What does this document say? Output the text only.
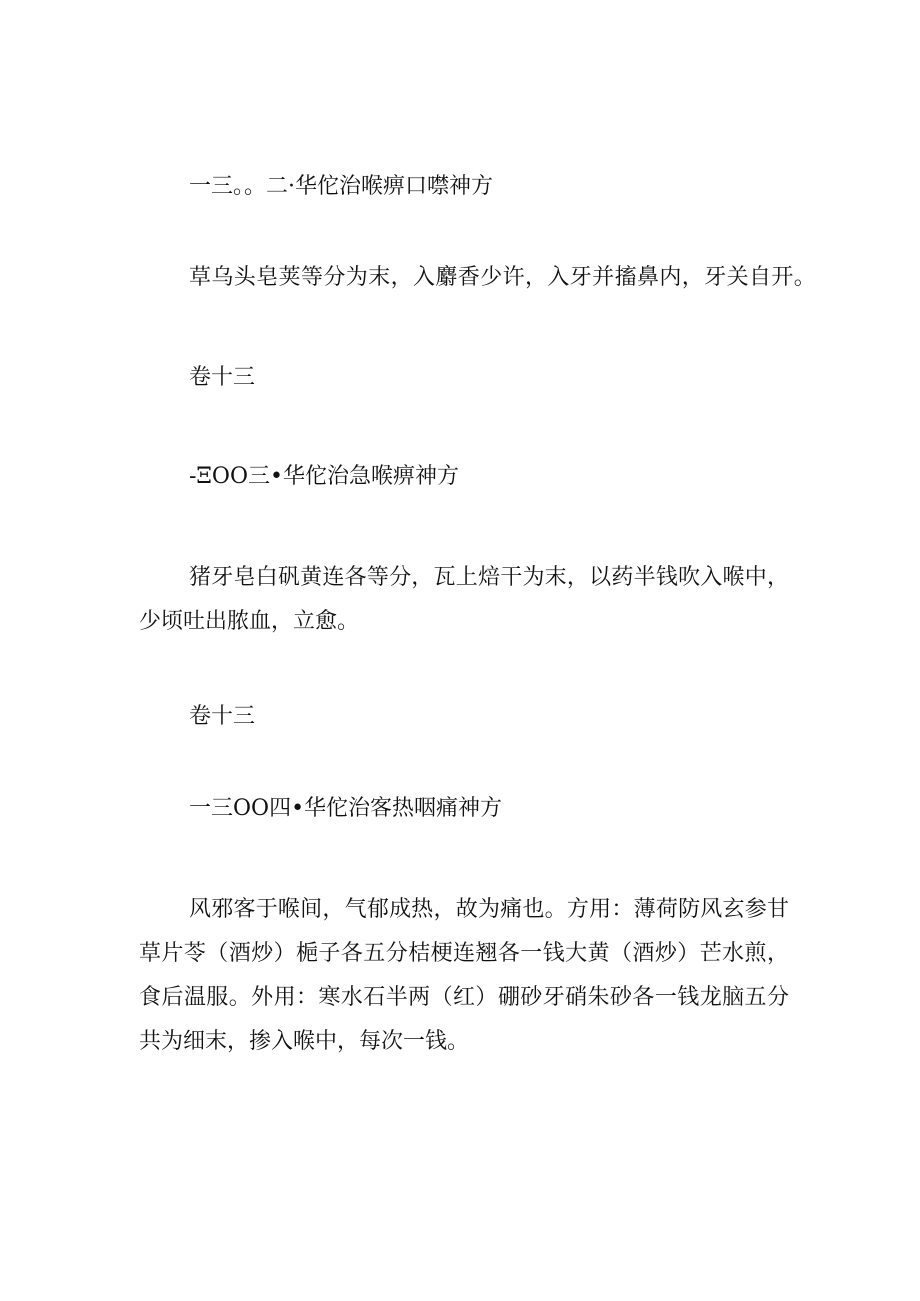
一三。。二·华佗治喉痹口噤神方
草乌头皂荚等分为末，入麝香少许，入牙并搐鼻内，牙关自开。
卷十三
-ΞOO三•华佗治急喉痹神方
猪牙皂白矾黄连各等分，瓦上焙干为末，以药半钱吹入喉中，少顷吐出脓血，立愈。
卷十三
一三OO四•华佗治客热咽痛神方
风邪客于喉间，气郁成热，故为痛也。方用：薄荷防风玄参甘草片苓（酒炒）梔子各五分桔梗连翘各一钱大黄（酒炒）芒水煎，食后温服。外用：寒水石半两（红）硼砂牙硝朱砂各一钱龙脑五分共为细末，掺入喉中，每次一钱。
